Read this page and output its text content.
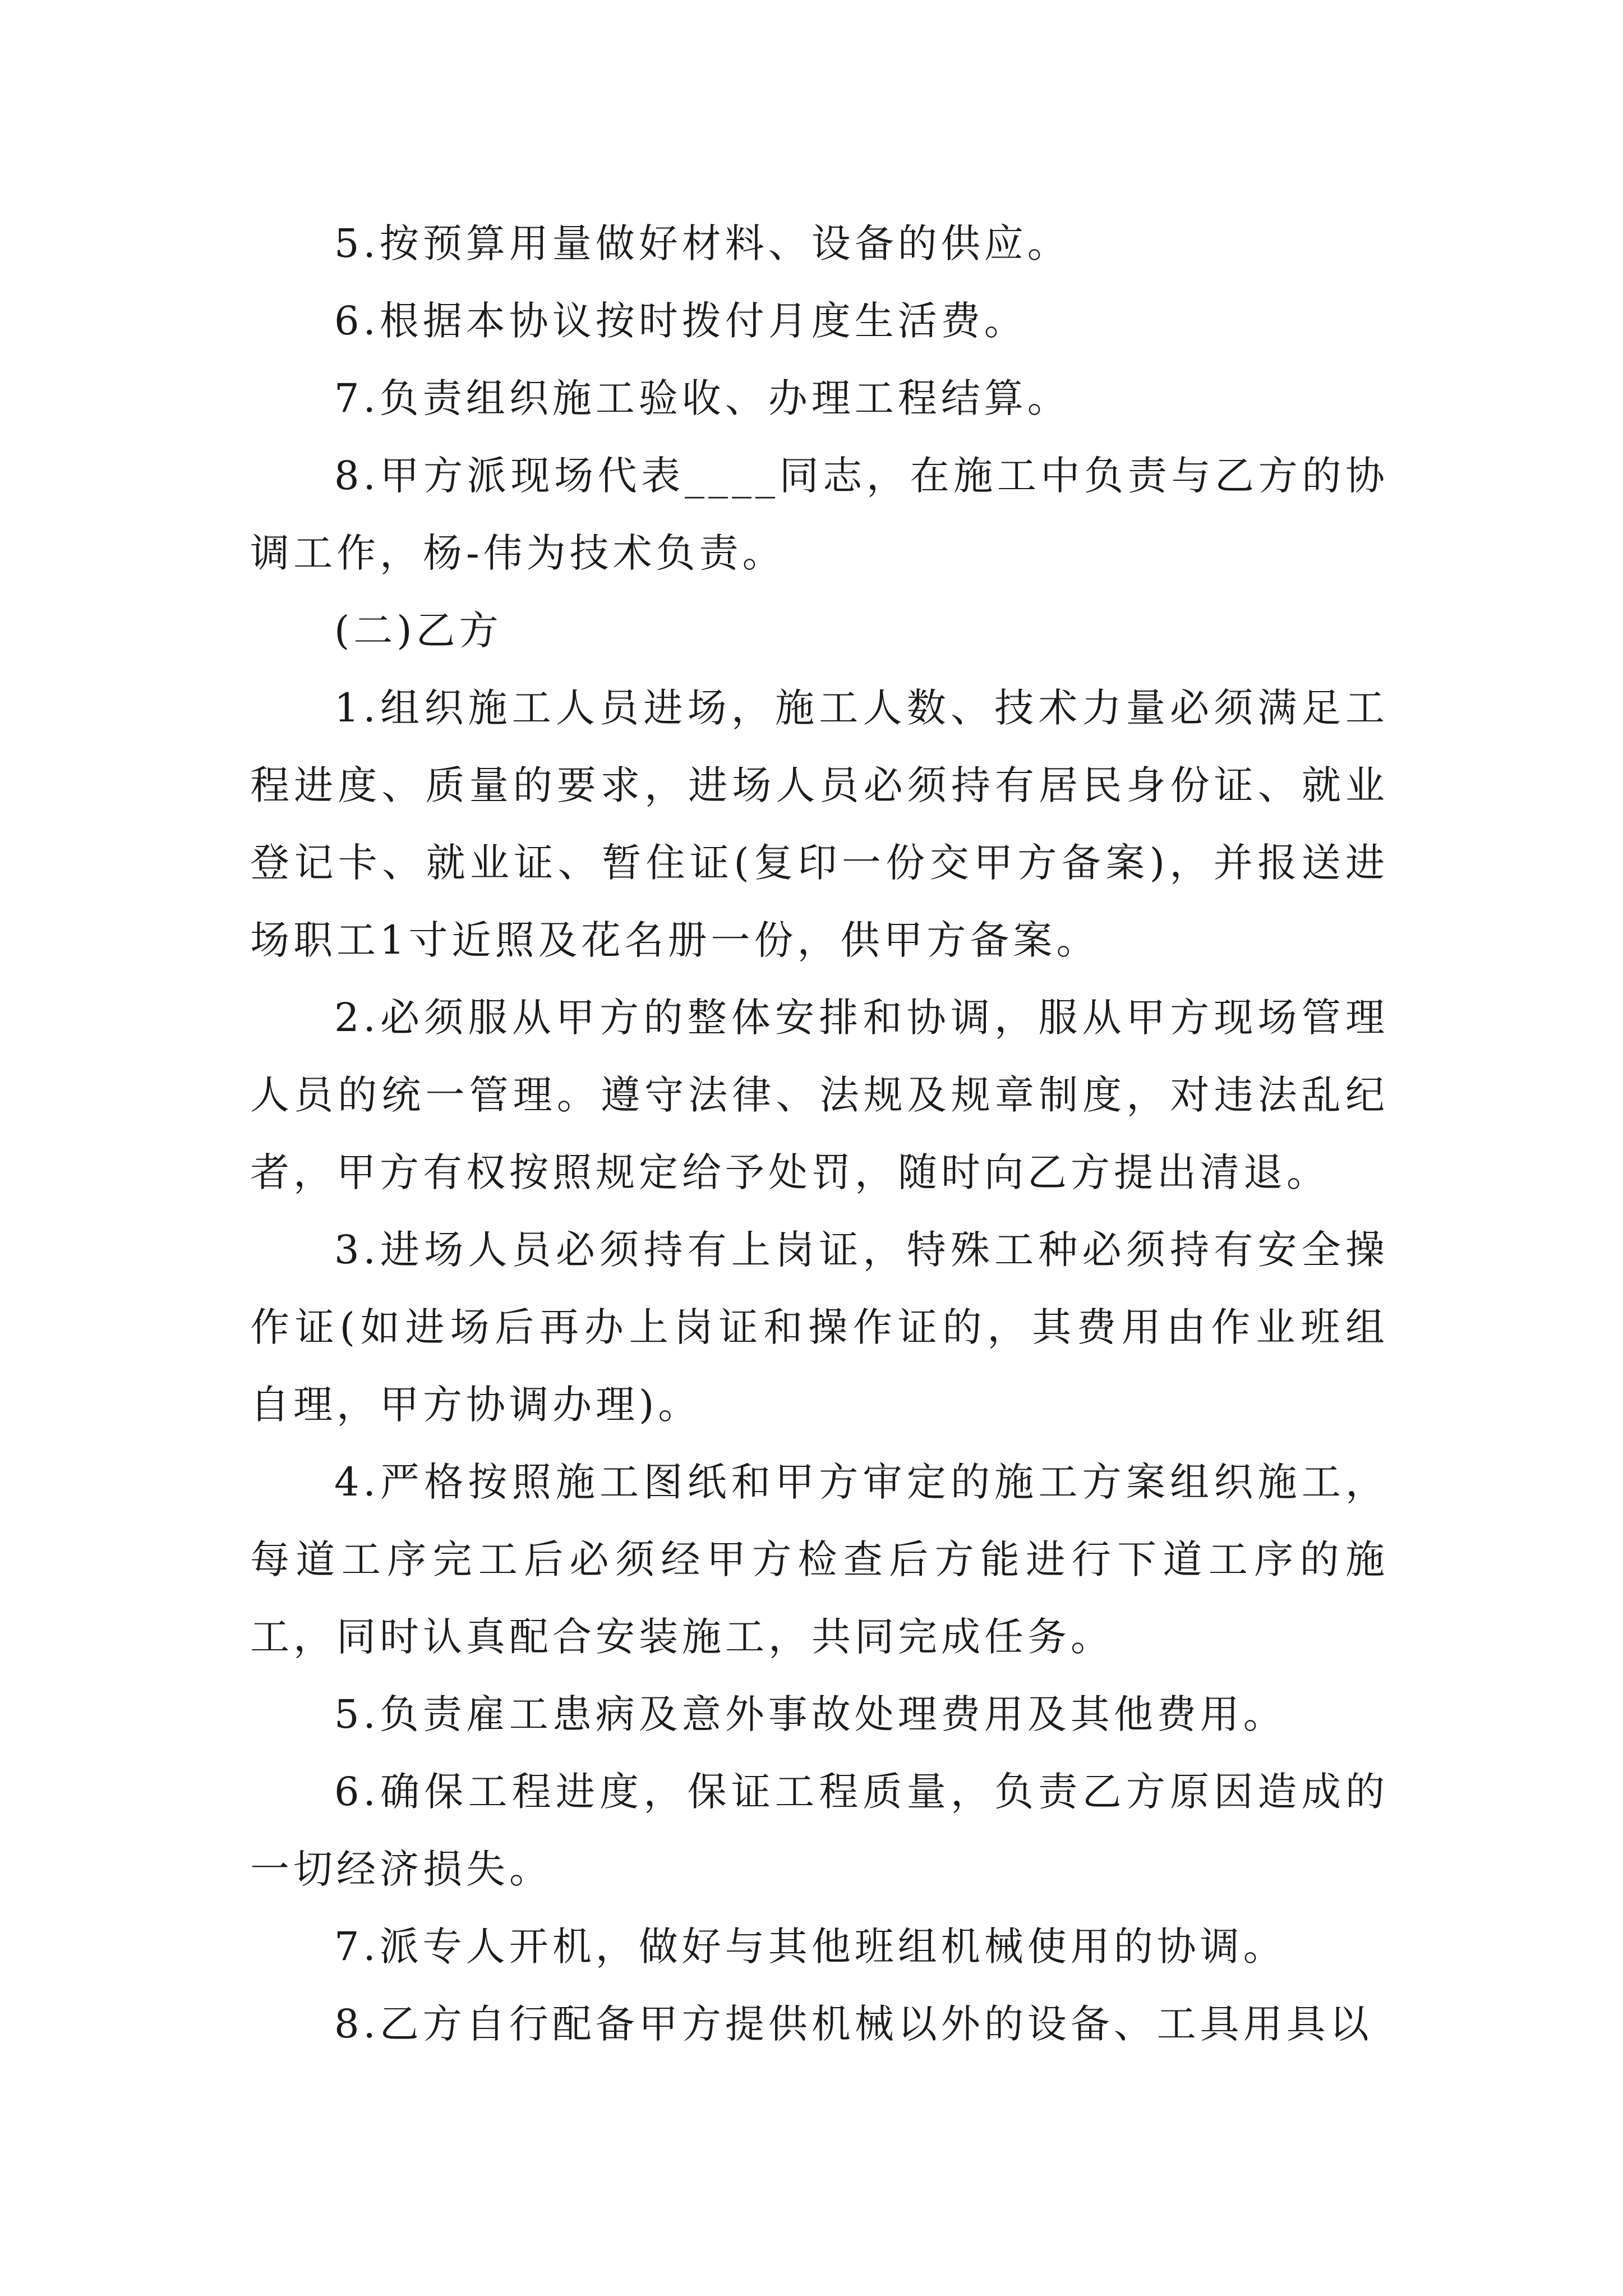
5.按预算用量做好材料、设备的供应。

6.根据本协议按时拨付月度生活费。

7.负责组织施工验收、办理工程结算。

8.甲方派现场代表____同志，在施工中负责与乙方的协调工作，杨-伟为技术负责。

(二)乙方

1.组织施工人员进场，施工人数、技术力量必须满足工程进度、质量的要求，进场人员必须持有居民身份证、就业登记卡、就业证、暂住证(复印一份交甲方备案)，并报送进场职工1寸近照及花名册一份，供甲方备案。

2.必须服从甲方的整体安排和协调，服从甲方现场管理人员的统一管理。遵守法律、法规及规章制度，对违法乱纪者，甲方有权按照规定给予处罚，随时向乙方提出清退。

3.进场人员必须持有上岗证，特殊工种必须持有安全操作证(如进场后再办上岗证和操作证的，其费用由作业班组自理，甲方协调办理)。

4.严格按照施工图纸和甲方审定的施工方案组织施工，每道工序完工后必须经甲方检查后方能进行下道工序的施工，同时认真配合安装施工，共同完成任务。

5.负责雇工患病及意外事故处理费用及其他费用。

6.确保工程进度，保证工程质量，负责乙方原因造成的一切经济损失。

7.派专人开机，做好与其他班组机械使用的协调。

8.乙方自行配备甲方提供机械以外的设备、工具用具以
